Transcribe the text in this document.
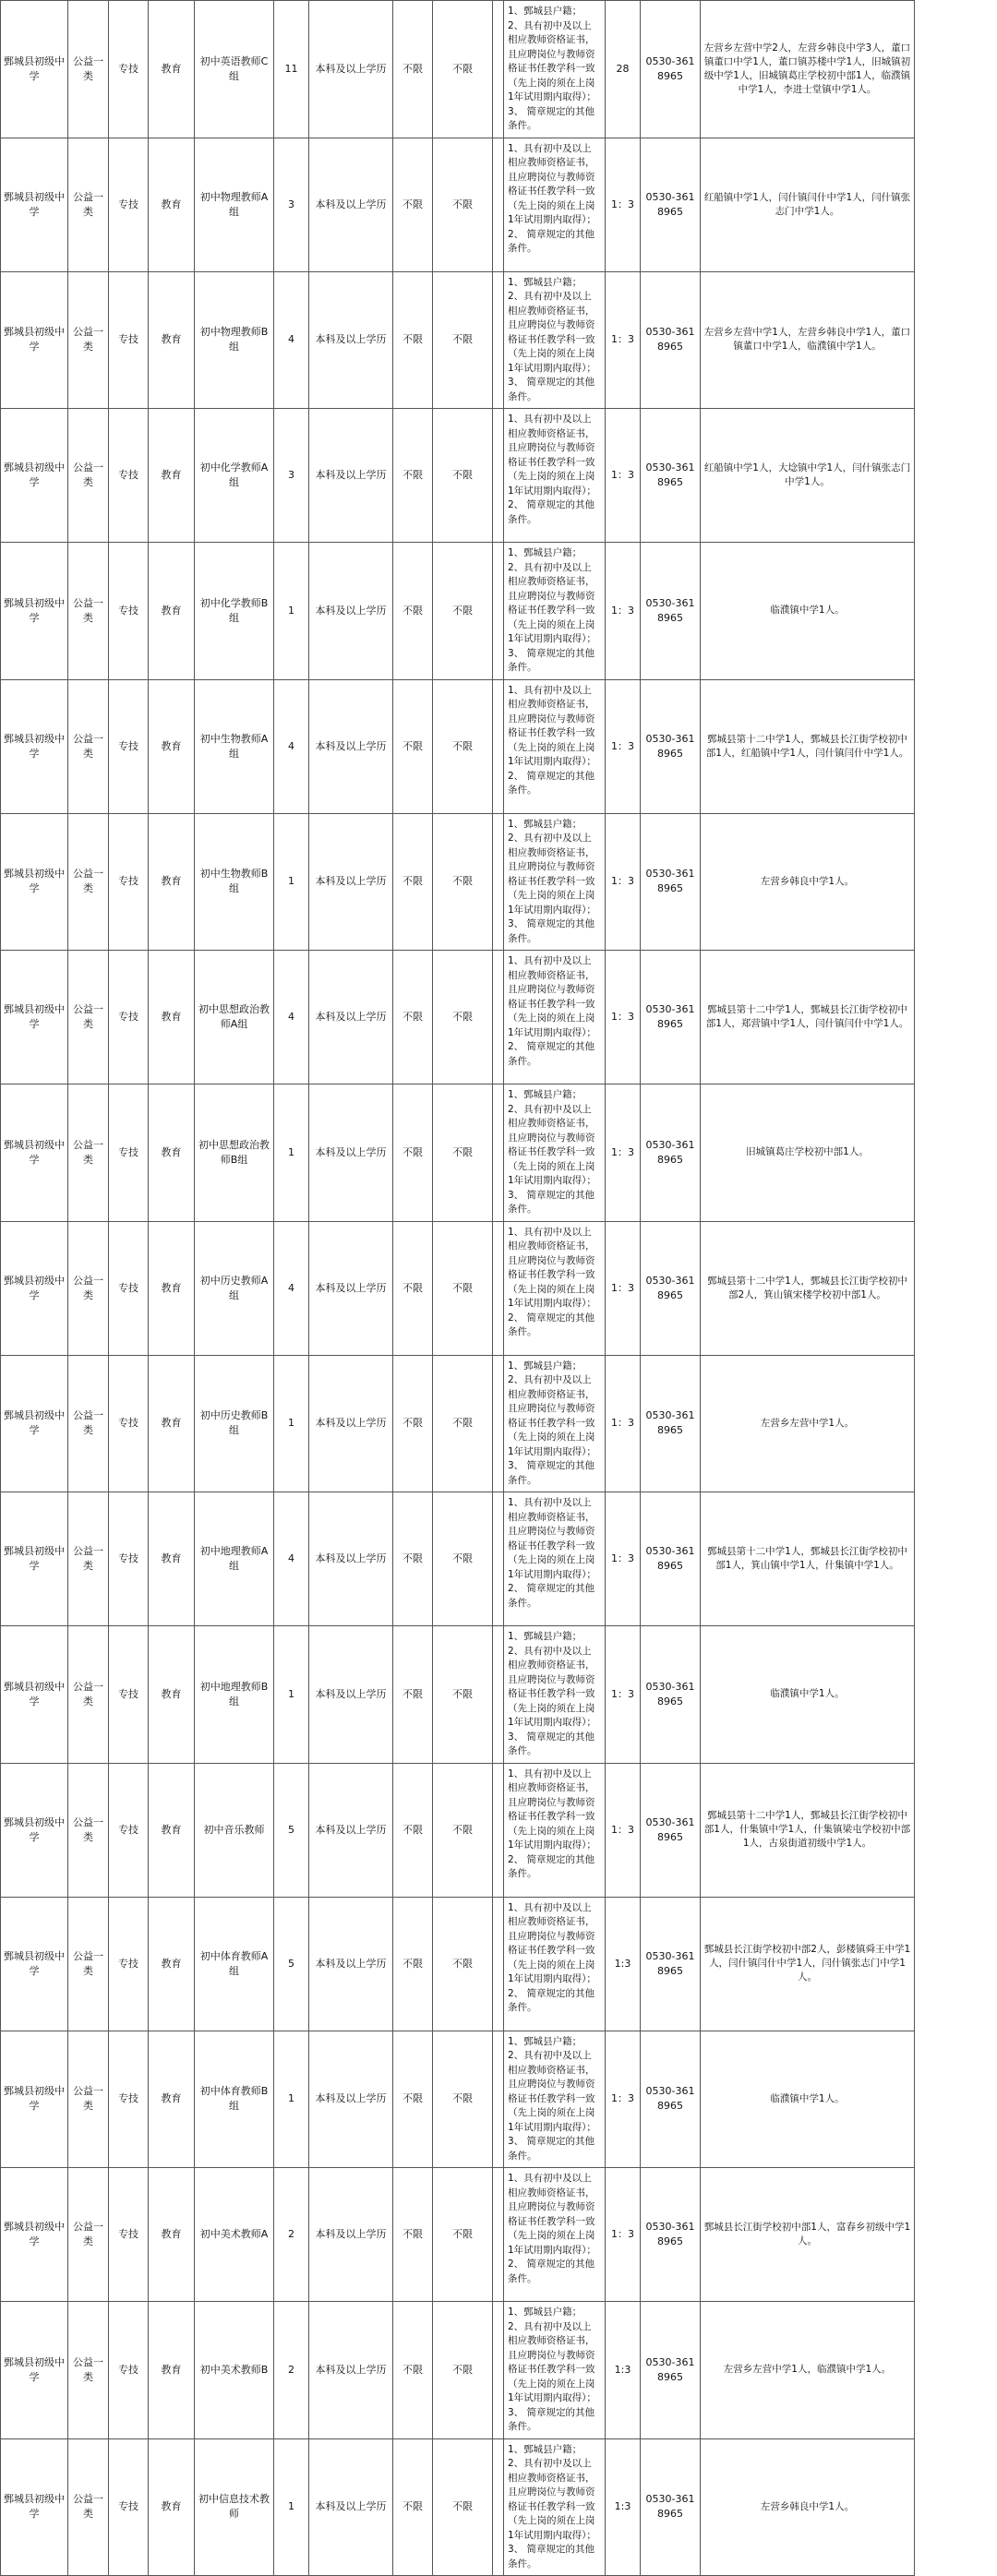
鄄城县初级中学	公益一类	专技	教育	初中英语教师C组	11	本科及以上学历	不限	不限		1、鄄城县户籍；
2、具有初中及以上相应教师资格证书，且应聘岗位与教师资格证书任教学科一致（先上岗的须在上岗1年试用期内取得）；
3、 简章规定的其他条件。	28	0530-3618965	左营乡左营中学2人，左营乡韩良中学3人，董口镇董口中学1人，董口镇苏楼中学1人，旧城镇初级中学1人，旧城镇葛庄学校初中部1人，临濮镇中学1人，李进士堂镇中学1人。	
鄄城县初级中学	公益一类	专技	教育	初中物理教师A组	3	本科及以上学历	不限	不限		1、具有初中及以上相应教师资格证书，且应聘岗位与教师资格证书任教学科一致（先上岗的须在上岗1年试用期内取得）；
2、 简章规定的其他条件。	1：3	0530-3618965	红船镇中学1人，闫什镇闫什中学1人，闫什镇张志门中学1人。	
鄄城县初级中学	公益一类	专技	教育	初中物理教师B组	4	本科及以上学历	不限	不限		1、鄄城县户籍；
2、具有初中及以上相应教师资格证书，且应聘岗位与教师资格证书任教学科一致（先上岗的须在上岗1年试用期内取得）；
3、 简章规定的其他条件。	1：3	0530-3618965	左营乡左营中学1人，左营乡韩良中学1人，董口镇董口中学1人，临濮镇中学1人。	
鄄城县初级中学	公益一类	专技	教育	初中化学教师A组	3	本科及以上学历	不限	不限		1、具有初中及以上相应教师资格证书，且应聘岗位与教师资格证书任教学科一致（先上岗的须在上岗1年试用期内取得）；
2、 简章规定的其他条件。	1：3	0530-3618965	红船镇中学1人，大埝镇中学1人，闫什镇张志门中学1人。	
鄄城县初级中学	公益一类	专技	教育	初中化学教师B组	1	本科及以上学历	不限	不限		1、鄄城县户籍；
2、具有初中及以上相应教师资格证书，且应聘岗位与教师资格证书任教学科一致（先上岗的须在上岗1年试用期内取得）；
3、 简章规定的其他条件。	1：3	0530-3618965	临濮镇中学1人。	
鄄城县初级中学	公益一类	专技	教育	初中生物教师A组	4	本科及以上学历	不限	不限		1、具有初中及以上相应教师资格证书，且应聘岗位与教师资格证书任教学科一致（先上岗的须在上岗1年试用期内取得）；
2、 简章规定的其他条件。	1：3	0530-3618965	鄄城县第十二中学1人，鄄城县长江街学校初中部1人，红船镇中学1人，闫什镇闫什中学1人。	
鄄城县初级中学	公益一类	专技	教育	初中生物教师B组	1	本科及以上学历	不限	不限		1、鄄城县户籍；
2、具有初中及以上相应教师资格证书，且应聘岗位与教师资格证书任教学科一致（先上岗的须在上岗1年试用期内取得）；
3、 简章规定的其他条件。	1：3	0530-3618965	左营乡韩良中学1人。	
鄄城县初级中学	公益一类	专技	教育	初中思想政治教师A组	4	本科及以上学历	不限	不限		1、具有初中及以上相应教师资格证书，且应聘岗位与教师资格证书任教学科一致（先上岗的须在上岗1年试用期内取得）；
2、 简章规定的其他条件。	1：3	0530-3618965	鄄城县第十二中学1人，鄄城县长江街学校初中部1人，郑营镇中学1人，闫什镇闫什中学1人。	
鄄城县初级中学	公益一类	专技	教育	初中思想政治教师B组	1	本科及以上学历	不限	不限		1、鄄城县户籍；
2、具有初中及以上相应教师资格证书，且应聘岗位与教师资格证书任教学科一致（先上岗的须在上岗1年试用期内取得）；
3、 简章规定的其他条件。	1：3	0530-3618965	旧城镇葛庄学校初中部1人。	
鄄城县初级中学	公益一类	专技	教育	初中历史教师A组	4	本科及以上学历	不限	不限		1、具有初中及以上相应教师资格证书，且应聘岗位与教师资格证书任教学科一致（先上岗的须在上岗1年试用期内取得）；
2、 简章规定的其他条件。	1：3	0530-3618965	鄄城县第十二中学1人，鄄城县长江街学校初中部2人，箕山镇宋楼学校初中部1人。	
鄄城县初级中学	公益一类	专技	教育	初中历史教师B组	1	本科及以上学历	不限	不限		1、鄄城县户籍；
2、具有初中及以上相应教师资格证书，且应聘岗位与教师资格证书任教学科一致（先上岗的须在上岗1年试用期内取得）；
3、 简章规定的其他条件。	1：3	0530-3618965	左营乡左营中学1人。	
鄄城县初级中学	公益一类	专技	教育	初中地理教师A组	4	本科及以上学历	不限	不限		1、具有初中及以上相应教师资格证书，且应聘岗位与教师资格证书任教学科一致（先上岗的须在上岗1年试用期内取得）；
2、 简章规定的其他条件。	1：3	0530-3618965	鄄城县第十二中学1人，鄄城县长江街学校初中部1人，箕山镇中学1人，什集镇中学1人。	
鄄城县初级中学	公益一类	专技	教育	初中地理教师B组	1	本科及以上学历	不限	不限		1、鄄城县户籍；
2、具有初中及以上相应教师资格证书，且应聘岗位与教师资格证书任教学科一致（先上岗的须在上岗1年试用期内取得）；
3、 简章规定的其他条件。	1：3	0530-3618965	临濮镇中学1人。	
鄄城县初级中学	公益一类	专技	教育	初中音乐教师	5	本科及以上学历	不限	不限		1、具有初中及以上相应教师资格证书，且应聘岗位与教师资格证书任教学科一致（先上岗的须在上岗1年试用期内取得）；
2、 简章规定的其他条件。	1：3	0530-3618965	鄄城县第十二中学1人，鄄城县长江街学校初中部1人，什集镇中学1人，什集镇梁屯学校初中部1人，古泉街道初级中学1人。	
鄄城县初级中学	公益一类	专技	教育	初中体育教师A组	5	本科及以上学历	不限	不限		1、具有初中及以上相应教师资格证书，且应聘岗位与教师资格证书任教学科一致（先上岗的须在上岗1年试用期内取得）；
2、 简章规定的其他条件。	1:3	0530-3618965	鄄城县长江街学校初中部2人，彭楼镇舜王中学1人，闫什镇闫什中学1人，闫什镇张志门中学1人。	
鄄城县初级中学	公益一类	专技	教育	初中体育教师B组	1	本科及以上学历	不限	不限		1、鄄城县户籍；
2、具有初中及以上相应教师资格证书，且应聘岗位与教师资格证书任教学科一致（先上岗的须在上岗1年试用期内取得）；
3、 简章规定的其他条件。	1：3	0530-3618965	临濮镇中学1人。	
鄄城县初级中学	公益一类	专技	教育	初中美术教师A	2	本科及以上学历	不限	不限		1、具有初中及以上相应教师资格证书，且应聘岗位与教师资格证书任教学科一致（先上岗的须在上岗1年试用期内取得）；
2、 简章规定的其他条件。	1：3	0530-3618965	鄄城县长江街学校初中部1人，富春乡初级中学1人。	
鄄城县初级中学	公益一类	专技	教育	初中美术教师B	2	本科及以上学历	不限	不限		1、鄄城县户籍；
2、具有初中及以上相应教师资格证书，且应聘岗位与教师资格证书任教学科一致（先上岗的须在上岗1年试用期内取得）；
3、 简章规定的其他条件。	1:3	0530-3618965	左营乡左营中学1人，临濮镇中学1人。	
鄄城县初级中学	公益一类	专技	教育	初中信息技术教师	1	本科及以上学历	不限	不限		1、鄄城县户籍；
2、具有初中及以上相应教师资格证书，且应聘岗位与教师资格证书任教学科一致（先上岗的须在上岗1年试用期内取得）；
3、 简章规定的其他条件。	1:3	0530-3618965	左营乡韩良中学1人。	
